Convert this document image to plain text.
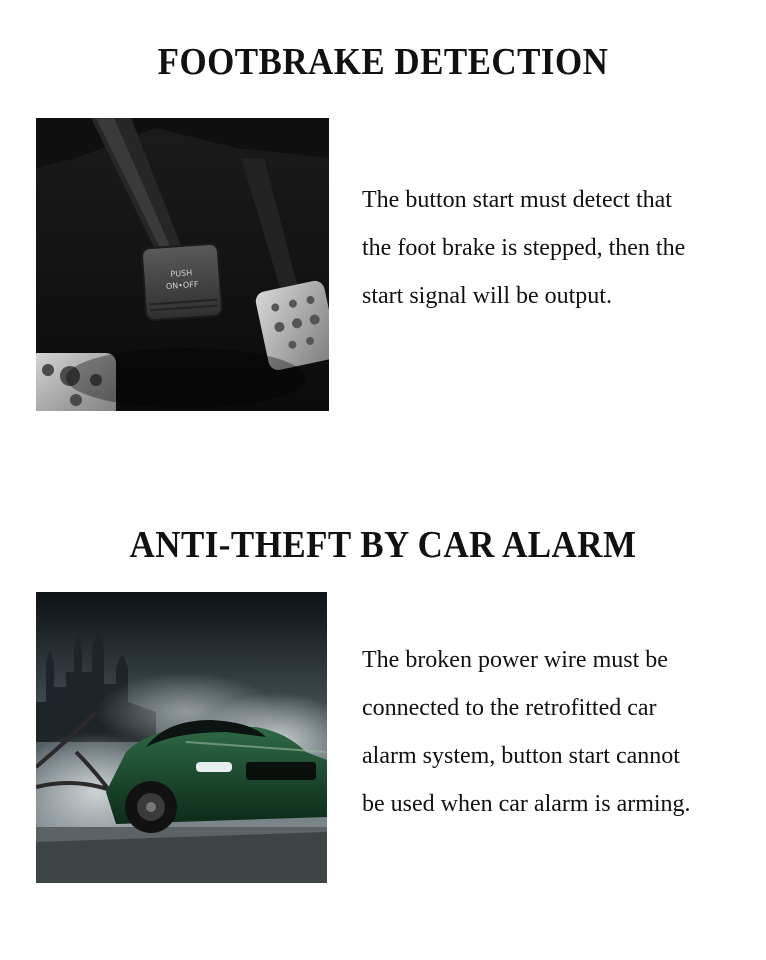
FOOTBRAKE DETECTION
PUSH
ON•OFF
The button start must detect that
the foot brake is stepped, then the
start signal will be output.
ANTI-THEFT BY CAR ALARM
The broken power wire must be
connected to the retrofitted car
alarm system, button start cannot
be used when car alarm is arming.
